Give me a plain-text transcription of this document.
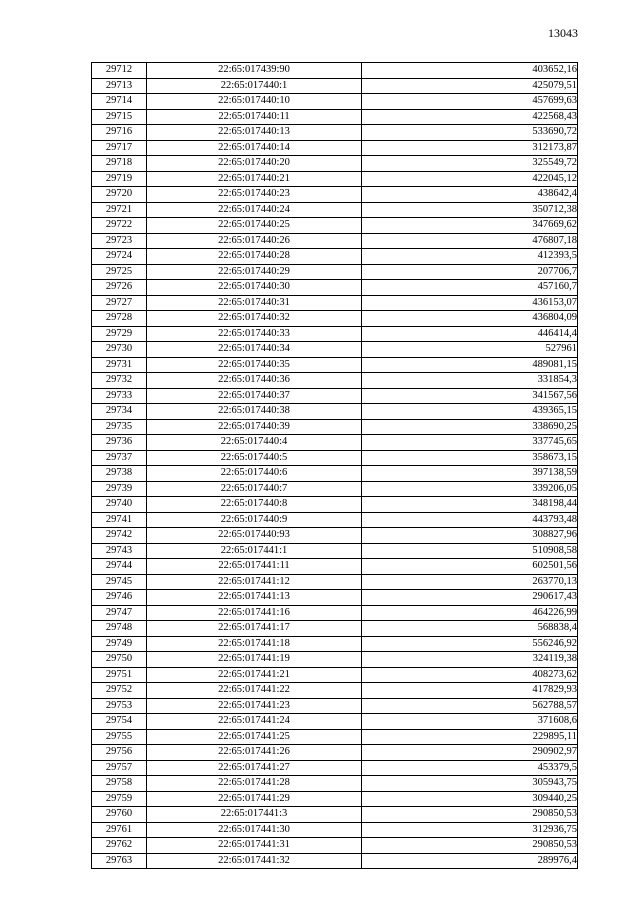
13043
29712	22:65:017439:90	403652,16
29713	22:65:017440:1	425079,51
29714	22:65:017440:10	457699,63
29715	22:65:017440:11	422568,43
29716	22:65:017440:13	533690,72
29717	22:65:017440:14	312173,87
29718	22:65:017440:20	325549,72
29719	22:65:017440:21	422045,12
29720	22:65:017440:23	438642,4
29721	22:65:017440:24	350712,38
29722	22:65:017440:25	347669,62
29723	22:65:017440:26	476807,18
29724	22:65:017440:28	412393,5
29725	22:65:017440:29	207706,7
29726	22:65:017440:30	457160,7
29727	22:65:017440:31	436153,07
29728	22:65:017440:32	436804,09
29729	22:65:017440:33	446414,4
29730	22:65:017440:34	527961
29731	22:65:017440:35	489081,15
29732	22:65:017440:36	331854,3
29733	22:65:017440:37	341567,56
29734	22:65:017440:38	439365,15
29735	22:65:017440:39	338690,25
29736	22:65:017440:4	337745,65
29737	22:65:017440:5	358673,15
29738	22:65:017440:6	397138,59
29739	22:65:017440:7	339206,05
29740	22:65:017440:8	348198,44
29741	22:65:017440:9	443793,48
29742	22:65:017440:93	308827,96
29743	22:65:017441:1	510908,58
29744	22:65:017441:11	602501,56
29745	22:65:017441:12	263770,13
29746	22:65:017441:13	290617,43
29747	22:65:017441:16	464226,99
29748	22:65:017441:17	568838,4
29749	22:65:017441:18	556246,92
29750	22:65:017441:19	324119,38
29751	22:65:017441:21	408273,62
29752	22:65:017441:22	417829,93
29753	22:65:017441:23	562788,57
29754	22:65:017441:24	371608,6
29755	22:65:017441:25	229895,11
29756	22:65:017441:26	290902,97
29757	22:65:017441:27	453379,5
29758	22:65:017441:28	305943,75
29759	22:65:017441:29	309440,25
29760	22:65:017441:3	290850,53
29761	22:65:017441:30	312936,75
29762	22:65:017441:31	290850,53
29763	22:65:017441:32	289976,4
